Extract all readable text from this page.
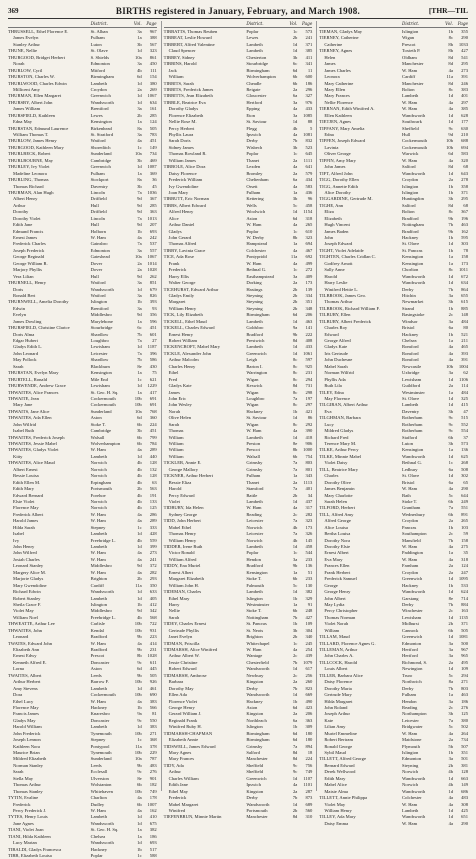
369	BIRTHS registered in January, February, and March 1908.	[THR—TIL
District.	Vol.	Page
THRUSSELL, Ethel Florence E.	St. Alban	3a	967
James Evelyn	Fulham	1a	388
Stanley Arthur	Luton	3b	567
THUNE, Nellie	St. Olave	1d	323
THURGOOD, Bridget Herbert	S. Shields	10a	861
Norah	Edmonton	3a	450
THURLOW, Cyril	Mitford	4b	111
THURSTON, Charles W.	Birmingham	6d	154
THURLWOOD, Charles Edwin	Lambeth	1d	380
Millicent Amy	Croydon	2a	269
THURMAN, Ellen Margaret	Greenwich	1d	1067
THURSBY, Albert John	Wandsworth	1d	634
James William	Brentford	3a	161
THURSFIELD, Kathleen	Lewes	2b	285
Edna May	Kensington	1a	124
THURSTAN, Edmund Laurence	Birkenhead	8a	505
William Thomas T.	St. Stratford	3a	783
THURLOW, James Henry	Watford	4a	451
THURGOOD, Kathleen Mary	Shoreditch	1c	149
THURLBECK, Robert	Sunderland	10a	734
THURLBOURNE, May	Cambridge	3b	469
THURLEY, Ivy Violet	Greenwich	1d	1087
Madeline Leonora	Fulham	1a	369
THURLING, Thomas	Stockport	8a	36
Thomas Richard	Daventry	3b	45
THURMAN, Alan Hugh	Lincoln	7a	1036
Albert Henry	Driffield	9d	367
Arthur	Hull	9d	285
Dorothy	Driffield	9d	363
Dorothy Violet	Lincoln	7a	1013
Edith Jane	Hull	9d	207
Edmund Francis	Holborn	1b	693
Ernest James	W. Ham	4a	242
Frederick Charles	Gainsbro	7a	537
Joseph Frederick	Edmonton	3a	557
George Reginald	Gateshead	10a	1067
George William R.	Dover	2a	1014
Marjory Phyllis	Dover	2a	1028
Vera Lilian	Hull	9d	262
THURNELL, Henry	Watford	3a	851
Doris	Wandsworth	1d	679
Ronald Bert	Watford	3a	826
THURNWELL, Amelia Dorothy	Islington	1b	393
Edwin	Brentford	3a	93
Evelyn	Middlesbro	9d	356
James Dowling	Marylebone	1a	596
THURSFIELD, Christine Clarice	Stourbridge	6c	451
Doris Alma	Shardlow	7b	601
Edgar Hubert	Loughbro	7a	27
Gladys Edith L.	Lewisham	1d	1187
John Leonard	Leicester	7a	396
May Pollock	Shardlow	7b	586
Sarah	Blackburn	8e	430
THURSTAN, Evelyn Mary	Kensington	1a	75
THURTELL, Ronald	Mile End	1c	621
THURWENDE, Andrew Grace	Lewisham	1d	1229
THWAITES, Alice Frances	St. Geo. H. Sq.	1a	417
THWAITE, Jean	Cockermouth	10b	691
Mary Jane	Cockermouth	10b	691
THWAITS, Jane Alice	Sunderland	10a	768
THWAITES, Ada Ellen	Aston	6d	360
John Wilfrid	Stoke T.	6b	224
Isabel Ruth	Cambridge	3b	451
THWAITES, Frederick Joseph	Walsall	6b	799
THWAITES, Jessie Mabel	Wolverhampton	6b	784
THWAITES, Gladys Violet	W. Ham	4a	289
Kitty	Lambeth	1d	440
THWAITES, Alice Maud	Norwich	4b	128
Albert Ernest	Norwich	4b	132
Bessie Louisa	Norwich	4b	128
Edith Ellen M.	Erpingham	4b	63
Edith Mary	Portsmouth	2b	563
Edward Bernard	Forehoe	4b	191
Elsie Violet	Norwich	4b	133
Florence May	Norwich	4b	125
Frederick Albert	W. Ham	4a	286
Harold James	W. Ham	4a	289
Hilda Sarah	Stepney	1c	333
Isabel	Lambeth	1d	428
Ivy	Freebridge L.	4b	559
John Henry	Lambeth	1d	399
John Wilfred	W. Ham	4a	273
Josiah Charles	W. Ham	4a	241
Leonard Stanley	Middlesbro	9d	372
Margery Alice M.	W. Ham	4a	282
Marjorie Gladys	Brighton	2b	293
Mary Gwendoline	Cardiff	11a	350
Richard Edwin	Wandsworth	1d	633
Robert Stanley	Lambeth	1d	405
Sheila Grace F.	Islington	1b	412
Violet May	Middlesbro	9d	342
William Noel	Freebridge L.	4b	568
THWEATTE, Arthur Lee	Carlisle	10b	722
THWAITES, John	Kendal	10b	931
Leonard	Bradford	9b	223
TWATES, Edward John	W. Ham	4a	414
Elizabeth Ann	Bradford	9b	231
Ernest Edwy	Prescot	8b	1028
Kenneth Alfred E.	Doncaster	9c	611
Lorna	Aston	6d	445
TWAITES, Albert	Leeds	9b	505
Arthur Herbert	Barrow F.	10b	926
Amy Stevens	Lambeth	1d	461
Dora	Cockermouth	10b	690
Ethel Lucy	W. Ham	4a	383
Florence May	Hackney	1b	566
Francis James	Knaresbro	9a	81
Gladys May	Doncaster	9c	550
Harold William	Lambeth	1d	383
John Frederick	Tynemouth	10b	271
Joseph Lennon	Stepney	1c	368
Kathleen Nora	Pontypool	11a	378
Maurice Brian	Tynemouth	10b	229
Mildred Elizabeth	Sunderland	10a	787
Norman Stanley	Leeds	9b	483
Sarah	Ecclesall	9c	276
Stella May	Ulverston	8e	901
Thomas Arthur	Wolstanton	6b	182
Thomas Stanley	Whitehaven	10b	749
TYTIN, Evaline	Charlton	4a	178
Frederick	Dudley	6b	1007
Percy Frederick J.	W. Ham	4a	162
TYTES, Henry Louis	Lambeth	1d	410
Jane Agnes	Wandsworth	1d	675
TIANI, Violet Joan	St. Geo. H. Sq.	1a	382
TIANI, Hilda Kathleen	Chelsea	1a	186
Lucy Marian	Wandsworth	1d	693
TIBALDI, Gladys Francesca	Hackney	1b	517
TIBB, Elizabeth Louisa	Poplar	1c	588
District.	Vol.	Page
TIBBATTS, Thomas Reuben	Poplar	1c	573
TIBBEAT, Leslie Howard	Lewes	2b	241
TIBBERT, Alfred Valentine	Lambeth	1d	371
Claud Spencer	Lambeth	1d	385
TIBBEY, Sidney	Chesterton	3b	411
TIBBINS, Harold	Stourbridge	6c	341
Jack	Birmingham	6d	11
William	Wolverhampton	6b	600
TIBBITS, Sarah	Cheadle	6b	186
TIBBITS, Frederick James	Reigate	2a	296
TIBBITTS, Jean Elizabeth	Gloucester	6a	327
TIBBLE, Beatrice Eva	Hertford	3a	976
Dorothy Gladys	Epping	4a	433
Florence Elizabeth	Eton	3a	1085
Nellie Rose M.	St. Saviour	1d	88
Percy Herbert	Flegg	4b	5
Phyllis Laura	Ipswich	4a	1081
Sarah Doris	Derby	7b	832
Sidney James	Wisbech	3b	523
Thomas Rowland R.	Poplar	1c	645
William James	Thanet	2a	1111
TIBBOLE, Alice Dora	Lexden	4a	641
Daisy Florence	Bromley	2a	579
Frederick William	Cheltenham	6a	434
Ivy Gwendoline	Orsett	4a	583
Joan Mary	Fulham	1a	436
TIBBUTT, Eric Norman	Kettering	3b	96
TIBBS, Albert Edward	Wells	5c	458
Alfred Henry	Woolwich	1d	1154
Alice	Aston	6d	318
Arthur Daniel	W. Ham	4a	265
Gladys	Poplar	1c	610
John Gerard	W. Derby	8b	323
Thomas Alfred	Hampstead	1a	694
TIBBY, Lavinia Grace	Colchester	4a	467
TICE, Ada Rose	Pontypridd	11a	692
Frank	W. Ham	4a	499
Frederick	Bethnal G.	1c	272
Harry Ellis	Easthampstead	3a	409
Walter George	Dorking	2a	173
TICEHURST, Edward Arthur	Hastings	2b	139
Gladys Emily	Steyning	2b	334
Margaret	Steyning	2b	351
William Henry	Steyning	2b	348
TICK, Lily Elizabeth	Birmingham	6d	206
TICKELL, Ethel Maud	Lambeth	1d	463
TICKELL, Charles Edward	Goldsbro	9a	141
Ernest Henry	Bradford	9b	222
Robert William	Prestwich	8d	408
TICKENCROFT, Mabel Mary	Lambeth	1d	433
TICKLE, Alexander John	Greenwich	1d	1061
Arthur Malcolm	Leigh	8c	597
Charles Henry	Barton I.	8c	925
Ethel	Warrington	8c	231
Fred	Wigan	8c	294
Gladys Kate	Keswick	8d	731
James	Wigan	8c	298
John Eric	Loughbro	7a	197
John Wesley	Wigan	8c	297
Norah	Hackney	1b	421
Olive Helen	St. Saviour	1d	86
Sarah	Wigan	8c	292
Thomas	W. Ham	4a	390
William	Lambeth	1d	418
William	Preston	8e	906
William	Prescot	8b	1000
William	Walsall	6b	754
TICKLER, Annie E.	Grimsby	7a	803
George Mallory	Grimsby	7a	801
TICKNER, Arthur Herbert	Fulham	1a	343
Bessie Eliza	Thanet	2a	1113
Harold	Stamford	7a	401
Percy Edward	Battle	2b	34
Violet	Lambeth	1d	437
TIDBURY, Ida Helen	W. Ham	4a	317
Sydney George	Reading	2c	282
TIDD, John Herbert	Leicester	7a	323
Mabel Ethel	Norwich	4b	173
Thomas Henry	Leicester	7a	326
William Henry	Norwich	4b	145
TIDDER, Irene Ruth	Lambeth	1d	458
Victor Ronald	Poplar	1c	544
William Alfred	Hendon	3a	233
TIDDY, Ena Muriel	Bradford	9b	136
Ernest Albert	Kensington	1a	51
Margaret Elizabeth	Stoke T.	6b	233
William John H.	Falmouth	5c	130
TIDEMAN, Charles	Lambeth	1d	382
Ethel Mary	Islington	1b	329
Harry	Westminster	1a	91
Nellie	Stoke T.	6b	248
Sarah	Nottingham	7b	427
TIDEY, Charles Ernest	St. Pancras	1b	109
Gertrude Phyllis	St. Neots	3b	304
Janet Evelyn	Brighton	2b	340
TIDMAN, Priscilla	Whitechapel	1c	245
TIDMARSH, Alice Winifred	W. Ham	4a	254
Arthur Albert W.	Wantage	2c	439
Jessie Christine	Chesterfield	7b	1079
Robert Edward	Wandsworth	1d	617
TIDMARSH, Ambrose	Newbury	2c	256
Barbara	Kingston	2a	260
Dorothy May	Derby	7b	823
Ellen Ada	Wandsworth	1d	669
Florence Violet	Hackney	1b	490
George Henry	Aston	6d	423
Gerard William J.	Kingston	2a	206
Reginald Frank	Northleach	6a	363
Winifred Ruby H.	Islington	1b	309
TIDMARSH-CHAPMAN	Birmingham	6d	180
Elizabeth Annie	Birmingham	6d	180
TIDSWELL, James Edward	Grimsby	7a	894
Mary Agnes	Salford	8d	18
Mary Frances	Manchester	8d	224
TIDY, Ada	Sheffield	9c	756
Arthur	Sheffield	9c	749
Charles William	Greenwich	1d	1107
Edith Jane	Ipswich	4a	1101
Ethel May	Kingston	2a	287
Frederick	Derby	7b	873
Mabel Margaret	Wandsworth	1d	689
Winifred	Portsmouth	2b	560
TIEFENBRUN, Minnie Martin	Manchester	8d	310
District.	Vol.	Page
TIEMAN, Gladys May	Islington	1b	355
TIERNEY, Catherine	Wigan	8c	290
Catherine	Prescot	8b	1033
TIERNEY, Agnes	Toxteth P.	8b	427
Helen	Oldham	8d	541
James	Manchester	8d	295
James Charles	W. Ham	4a	273
Leonora	Cardiff	11a	391
Mary Catherine	Manchester	8d	246
Mary Ellen	Bolton	8c	383
Mary Frances	Lambeth	1d	401
Nellie Florence	W. Ham	4a	297
TIERNAN, Edith Winifred A.	W. Ham	4a	385
Ellen Kathleen	Wandsworth	1d	628
TIETJEN, Agnes	Southwark	1d	177
TIFFANY, Mary Amelia	Sheffield	9c	630
Edna	Hull	9d	210
TIFFEN, Joseph Edward	Cockermouth	10b	688
Lavinia	Cockermouth	10b	694
Oliver George	Warwick	6d	583
TIFFIN, Amy Mary	W. Ham	4a	320
John James	Salford	8d	68
TIFT, Alfred John	Wandsworth	1d	643
TIGG, Dorothy Ellen	Croydon	2a	278
TIGG, Annette Edith	Islington	1b	358
Alice Dorothy	Islington	1b	371
TIGGARDINE, Gertrude M.	Huntingdon	3b	295
TIGHE, Ann	Salford	8d	68
Eliza	Bolton	8c	367
Elizabeth	Bradford	9b	196
Hugh Vincent	Nottingham	7b	463
James Baden	Bradford	9b	162
John	Hackney	1b	595
Joseph Edward	St. Olave	1d	303
TIGHT, Violet Adelaide	St. Pancras	1b	78
TIGHTEN, Charles Cridlan C.	Kensington	1a	158
Godfrey Arnott	Kensington	1a	173
Sally Anne	Chorlton	8c	1011
Harold	Wandsworth	1d	672
Harry Leslie	Wandsworth	1d	634
Winifred Hettie L.	Derby	7b	864
TILBROOK, James Geo.	Hitchin	3a	655
Thomas Arthur	Newmarket	3b	615
TILBROOK, Richard William F.	Strand	1b	885
TILBURY, Ellen	Basingstoke	2c	148
TILBURY, Albert Frederick	Windsor	3a	484
Charles Roy	Bristol	6a	80
Edward	Hackney	1b	521
George Alfred	Chelsea	1a	211
Gladys Kate	Romford	4a	465
Iris Gertrude	Romford	4a	393
John Duchesne	Romford	4a	391
Mabel Sarah	Newcastle	10b	1004
Norman Wilfrid	Uxbridge	3a	62
Phyllis Ada	Lewisham	1d	1106
Ruth Lila	Guildford	2a	114
TILEY, Edna	Westminster	1a	484
May Florence	St. Olave	1d	325
TILGIRAN, Albert Arthur	Lambeth	1d	415
Eva	Daventry	3b	47
TILGHMAN, Barbara	Rotherham	9c	515
Lucy	Rotherham	9c	552
Mildred Gladys	Rotherham	9c	554
Richard Fred	Stafford	6b	37
Terence Mary M.	Luton	3b	573
TILKE, Arthur Percy	Kensington	1a	136
TILKE, Minnie Mabel	Wandsworth	1d	625
Violet Daisy	Bethnal G.	1c	268
TILL, Beatrice Mary	Ledbury	6a	508
Charles	St. Olave	1d	302
Dorothy Olive	Bristol	6a	65
James Benjamin	W. Ham	4a	290
Mary Charlotte	Bath	5c	644
Sarah Helen	Stoke T.	6b	249
TILFORD, Herbert	Grantham	7a	551
TILL, Alfred Amy	Wednesbury	6b	891
Alfred George	Croydon	2a	265
Alice Louisa	Pancras	1b	103
Bertha Louisa	Southampton	2c	59
Dorothy Nora	Mansfield	7b	158
Dorothy Elsie	W. Ham	4a	275
Ernest Albert	Paddington	1a	35
Eva Mary	W. Ham	4a	318
Frances Ellen	Farnham	2a	124
Frank Herbert	Croydon	2a	247
Frederick Samuel	Greenwich	1d	1095
George	Hackney	1b	533
George Henry	Wandsworth	1d	624
John Albert	Garstang	8e	714
May Lydia	Derby	7b	884
Percy Christopher	Winchester	2c	163
Thomas Norman	Lewisham	1d	1135
Violet Norah	Midhurst	2b	371
William	Cannock	6b	505
TILLAM, Maud	Greenwich	1d	1081
TILLARD, Florence Agnes G.	Edmonton	3a	500
TILLEMAN, Arthur	Hertford	3a	967
John Charles A.	Hertford	3a	965
TILLCOCK, Harold	Richmond, S.	2a	495
Louis Albert	Newington	1d	109
TILLER, Barbara Alice	Truro	5c	294
Daisy Florence	Northwich	8a	271
Dorothy Maria	Derby	7b	803
Gertrude Mary	Fulham	1a	463
Hilda Margaret	Hendon	3a	186
John Roland	Reading	2c	276
Joseph Arthur	Northampton	3b	125
Kate	Leicester	7a	380
Lilian Amy	Bridgwater	5c	502
Muriel Emmeline	W. Ham	4a	264
Robert Bertram	Maidstone	2a	734
Ronald George	Plymouth	5b	507
Sybil Maud	Islington	1b	351
TILLETT, Alfred George	Edmonton	3a	501
Bernard Edward	Steyning	2b	381
Derek Wellwood	Norwich	4b	128
Edith Mary	Wandsworth	1d	663
Mabel Alice	Norwich	4b	149
Maisie Alma	Wandsworth	1d	686
TILLETT, Annie Philippa	Colchester	4a	483
Violet May	W. Ham	4a	308
William Henry	Lambeth	1d	425
TILLEY, Ada Mary	Wandsworth	1d	651
Daisy Emma	W. Ham	4a	290
